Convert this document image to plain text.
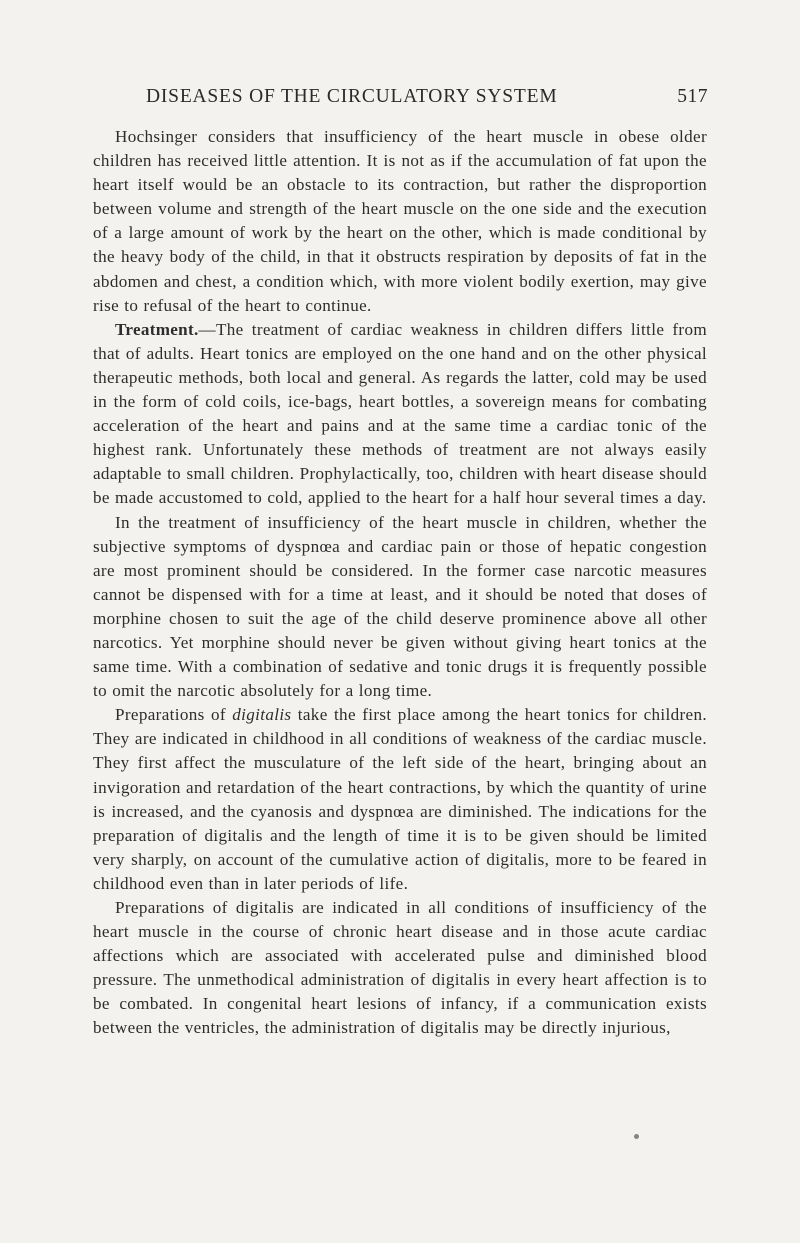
DISEASES OF THE CIRCULATORY SYSTEM	517

Hochsinger considers that insufficiency of the heart muscle in obese older children has received little attention. It is not as if the accumulation of fat upon the heart itself would be an obstacle to its contraction, but rather the disproportion between volume and strength of the heart muscle on the one side and the execution of a large amount of work by the heart on the other, which is made conditional by the heavy body of the child, in that it obstructs respiration by deposits of fat in the abdomen and chest, a condition which, with more violent bodily exertion, may give rise to refusal of the heart to continue.

Treatment.—The treatment of cardiac weakness in children differs little from that of adults. Heart tonics are employed on the one hand and on the other physical therapeutic methods, both local and general. As regards the latter, cold may be used in the form of cold coils, ice-bags, heart bottles, a sovereign means for combating acceleration of the heart and pains and at the same time a cardiac tonic of the highest rank. Unfortunately these methods of treatment are not always easily adaptable to small children. Prophylactically, too, children with heart disease should be made accustomed to cold, applied to the heart for a half hour several times a day.

In the treatment of insufficiency of the heart muscle in children, whether the subjective symptoms of dyspnœa and cardiac pain or those of hepatic congestion are most prominent should be considered. In the former case narcotic measures cannot be dispensed with for a time at least, and it should be noted that doses of morphine chosen to suit the age of the child deserve prominence above all other narcotics. Yet morphine should never be given without giving heart tonics at the same time. With a combination of sedative and tonic drugs it is frequently possible to omit the narcotic absolutely for a long time.

Preparations of digitalis take the first place among the heart tonics for children. They are indicated in childhood in all conditions of weakness of the cardiac muscle. They first affect the musculature of the left side of the heart, bringing about an invigoration and retardation of the heart contractions, by which the quantity of urine is increased, and the cyanosis and dyspnœa are diminished. The indications for the preparation of digitalis and the length of time it is to be given should be limited very sharply, on account of the cumulative action of digitalis, more to be feared in childhood even than in later periods of life.

Preparations of digitalis are indicated in all conditions of insufficiency of the heart muscle in the course of chronic heart disease and in those acute cardiac affections which are associated with accelerated pulse and diminished blood pressure. The unmethodical administration of digitalis in every heart affection is to be combated. In congenital heart lesions of infancy, if a communication exists between the ventricles, the administration of digitalis may be directly injurious,
